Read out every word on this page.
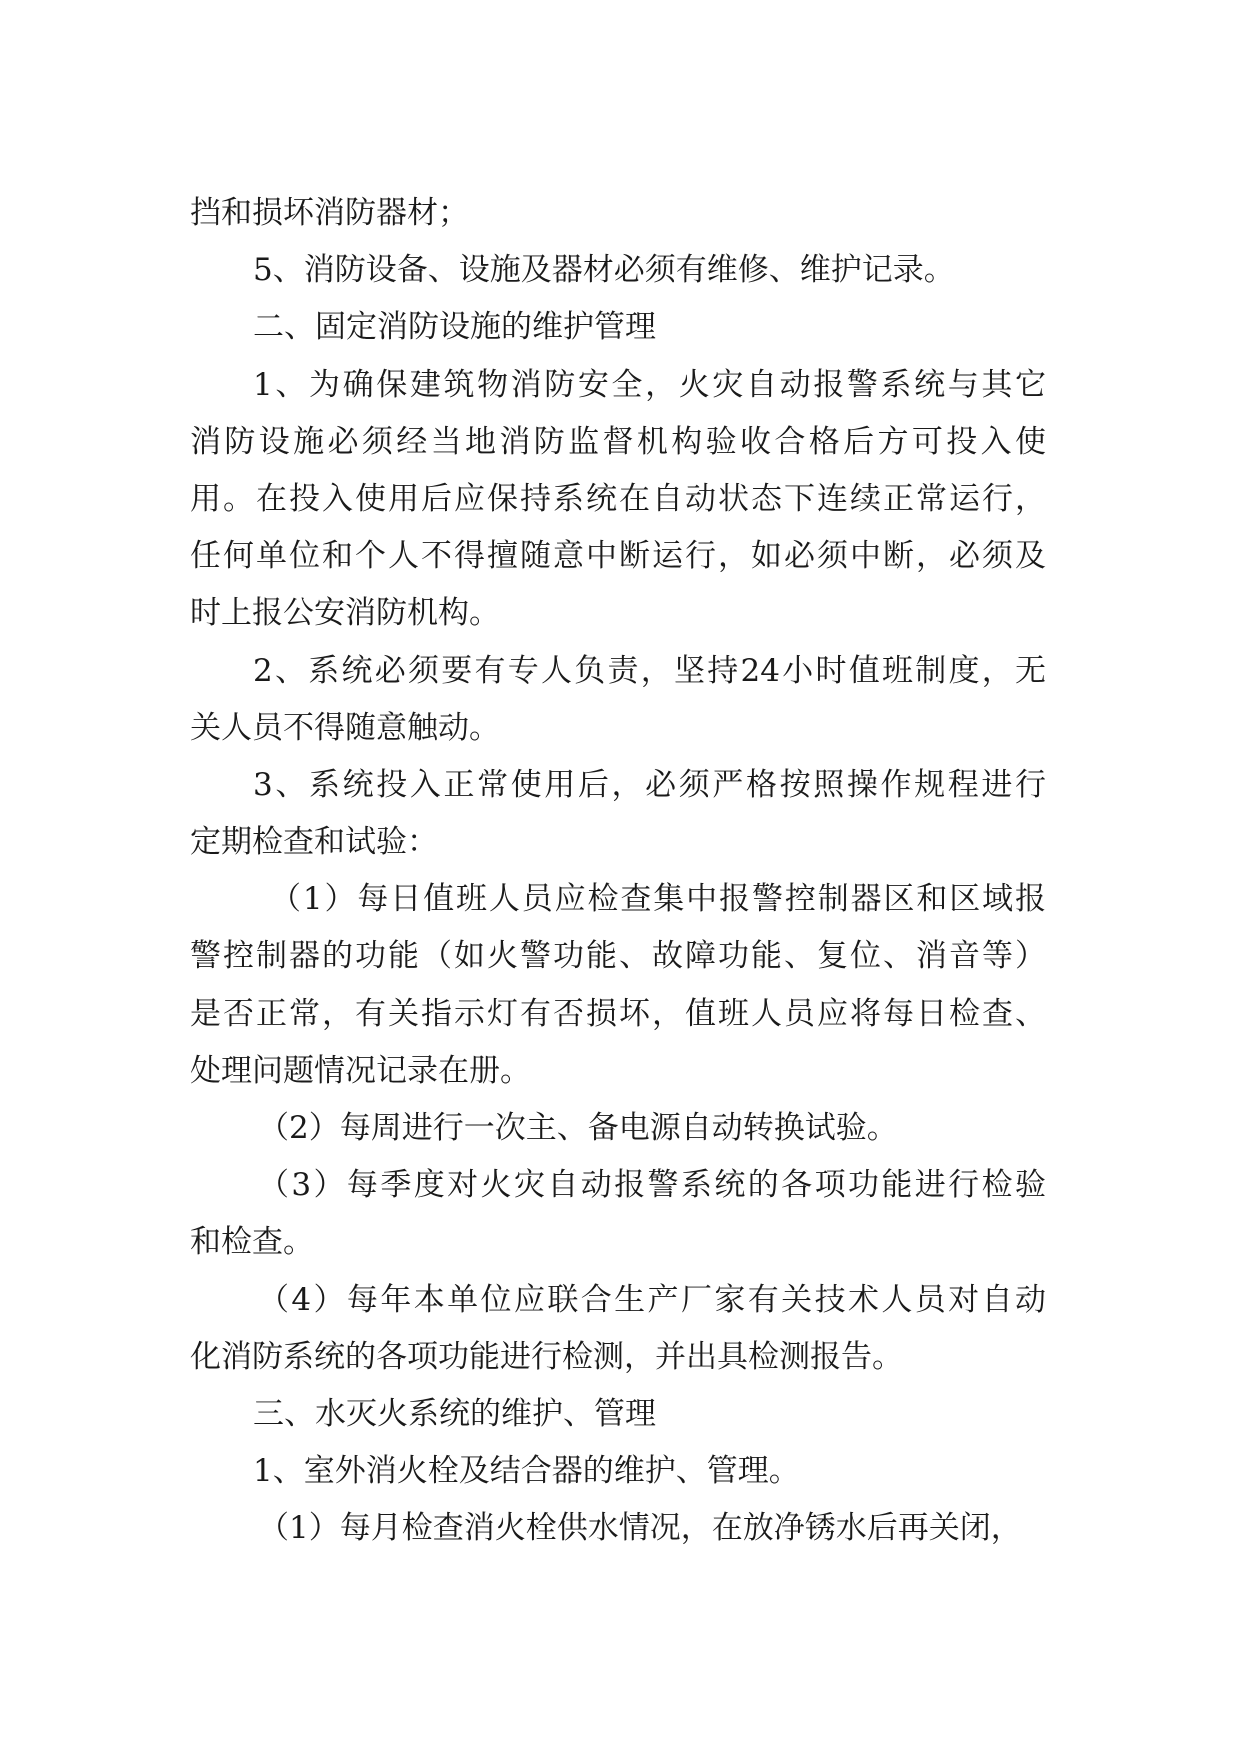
挡和损坏消防器材；
5、消防设备、设施及器材必须有维修、维护记录。
二、固定消防设施的维护管理
1、为确保建筑物消防安全，火灾自动报警系统与其它
消防设施必须经当地消防监督机构验收合格后方可投入使
用。在投入使用后应保持系统在自动状态下连续正常运行，
任何单位和个人不得擅随意中断运行，如必须中断，必须及
时上报公安消防机构。
2、系统必须要有专人负责，坚持24小时值班制度，无
关人员不得随意触动。
3、系统投入正常使用后，必须严格按照操作规程进行
定期检查和试验：
（1）每日值班人员应检查集中报警控制器区和区域报
警控制器的功能（如火警功能、故障功能、复位、消音等）
是否正常，有关指示灯有否损坏，值班人员应将每日检查、
处理问题情况记录在册。
（2）每周进行一次主、备电源自动转换试验。
（3）每季度对火灾自动报警系统的各项功能进行检验
和检查。
（4）每年本单位应联合生产厂家有关技术人员对自动
化消防系统的各项功能进行检测，并出具检测报告。
三、水灭火系统的维护、管理
1、室外消火栓及结合器的维护、管理。
（1）每月检查消火栓供水情况，在放净锈水后再关闭，
